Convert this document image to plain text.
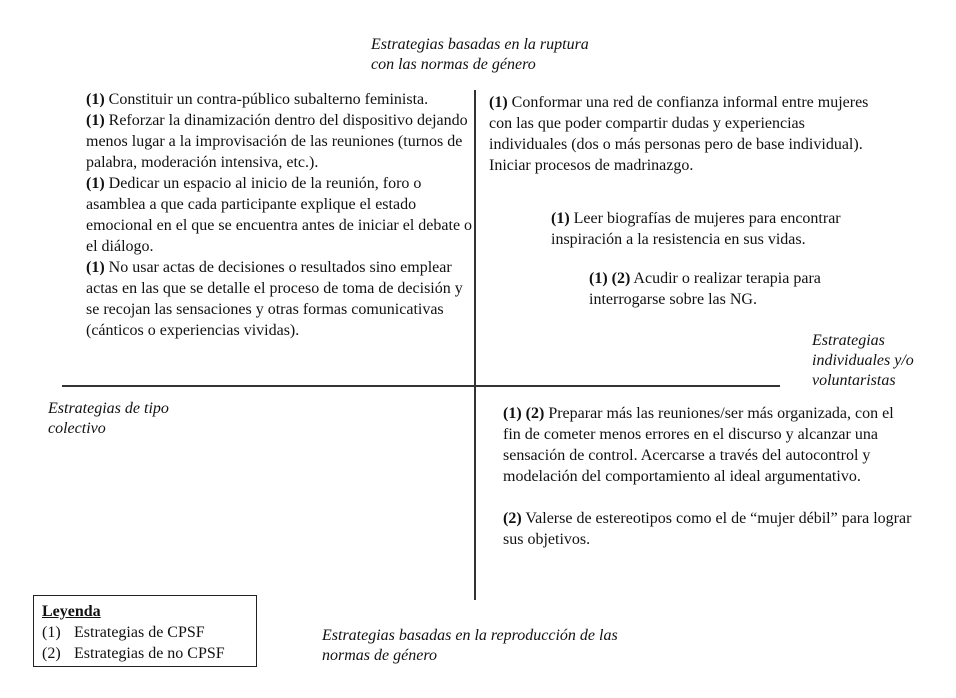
Estrategias basadas en la ruptura
con las normas de género
Estrategias
individuales y/o
voluntaristas
Estrategias de tipo
colectivo
Estrategias basadas en la reproducción de las
normas de género

(1) Constituir un contra-público subalterno feminista.

(1) Reforzar la dinamización dentro del dispositivo dejando menos lugar a la improvisación de las reuniones (turnos de palabra, moderación intensiva, etc.).

(1) Dedicar un espacio al inicio de la reunión, foro o asamblea a que cada participante explique el estado emocional en el que se encuentra antes de iniciar el debate o el diálogo.

(1) No usar actas de decisiones o resultados sino emplear actas en las que se detalle el proceso de toma de decisión y se recojan las sensaciones y otras formas comunicativas (cánticos o experiencias vividas).

(1) Conformar una red de confianza informal entre mujeres con las que poder compartir dudas y experiencias individuales (dos o más personas pero de base individual). Iniciar procesos de madrinazgo.

(1) Leer biografías de mujeres para encontrar inspiración a la resistencia en sus vidas.

(1) (2) Acudir o realizar terapia para interrogarse sobre las NG.

(1) (2) Preparar más las reuniones/ser más organizada, con el fin de cometer menos errores en el discurso y alcanzar una sensación de control. Acercarse a través del autocontrol y modelación del comportamiento al ideal argumentativo.

(2) Valerse de estereotipos como el de “mujer débil” para lograr sus objetivos.

Leyenda
(1) Estrategias de CPSF
(2) Estrategias de no CPSF
